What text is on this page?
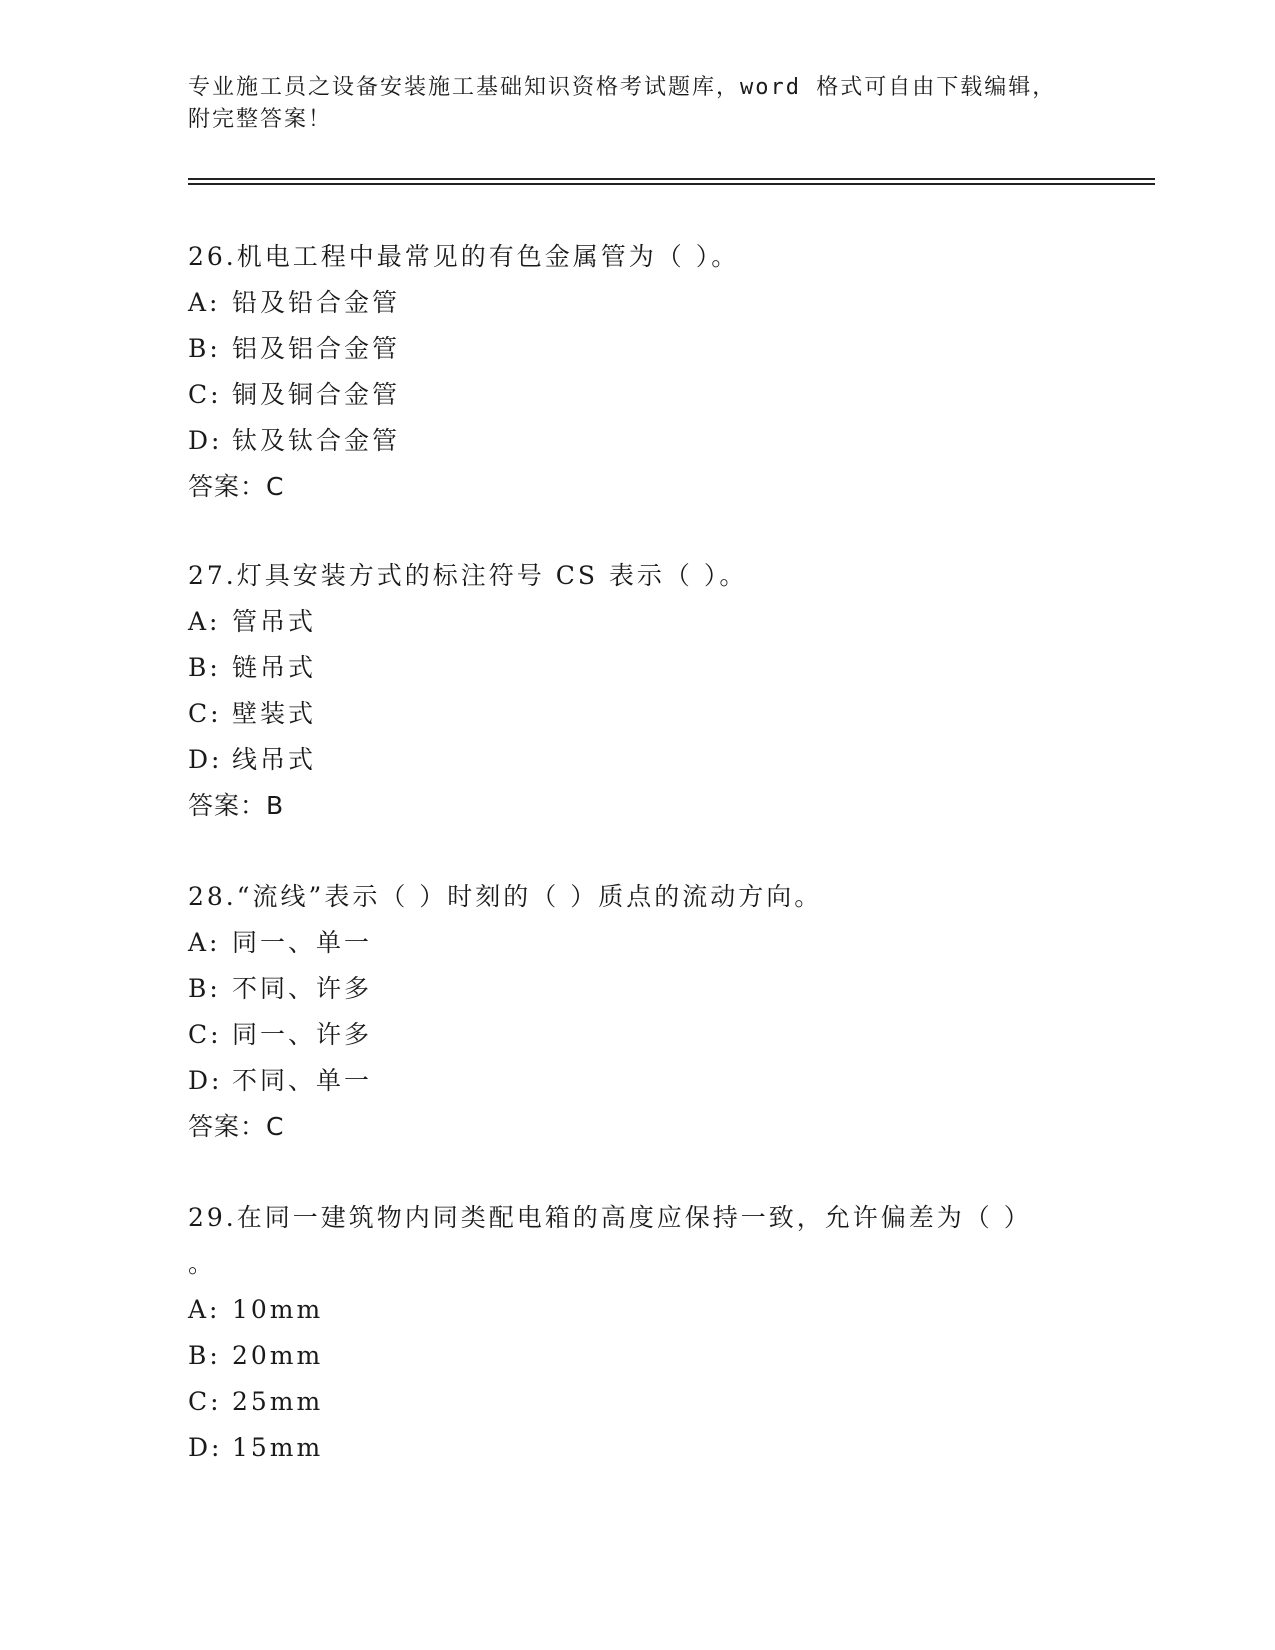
专业施工员之设备安装施工基础知识资格考试题库，word 格式可自由下载编辑，
附完整答案！
26.机电工程中最常见的有色金属管为（ ）。
A: 铅及铅合金管
B: 铝及铝合金管
C: 铜及铜合金管
D: 钛及钛合金管
答案：C
27.灯具安装方式的标注符号 CS 表示（ ）。
A: 管吊式
B: 链吊式
C: 壁装式
D: 线吊式
答案：B
28.“流线”表示（ ）时刻的（ ）质点的流动方向。
A: 同一、单一
B: 不同、许多
C: 同一、许多
D: 不同、单一
答案：C
29.在同一建筑物内同类配电箱的高度应保持一致，允许偏差为（ ）
。
A: 10mm
B: 20mm
C: 25mm
D: 15mm
